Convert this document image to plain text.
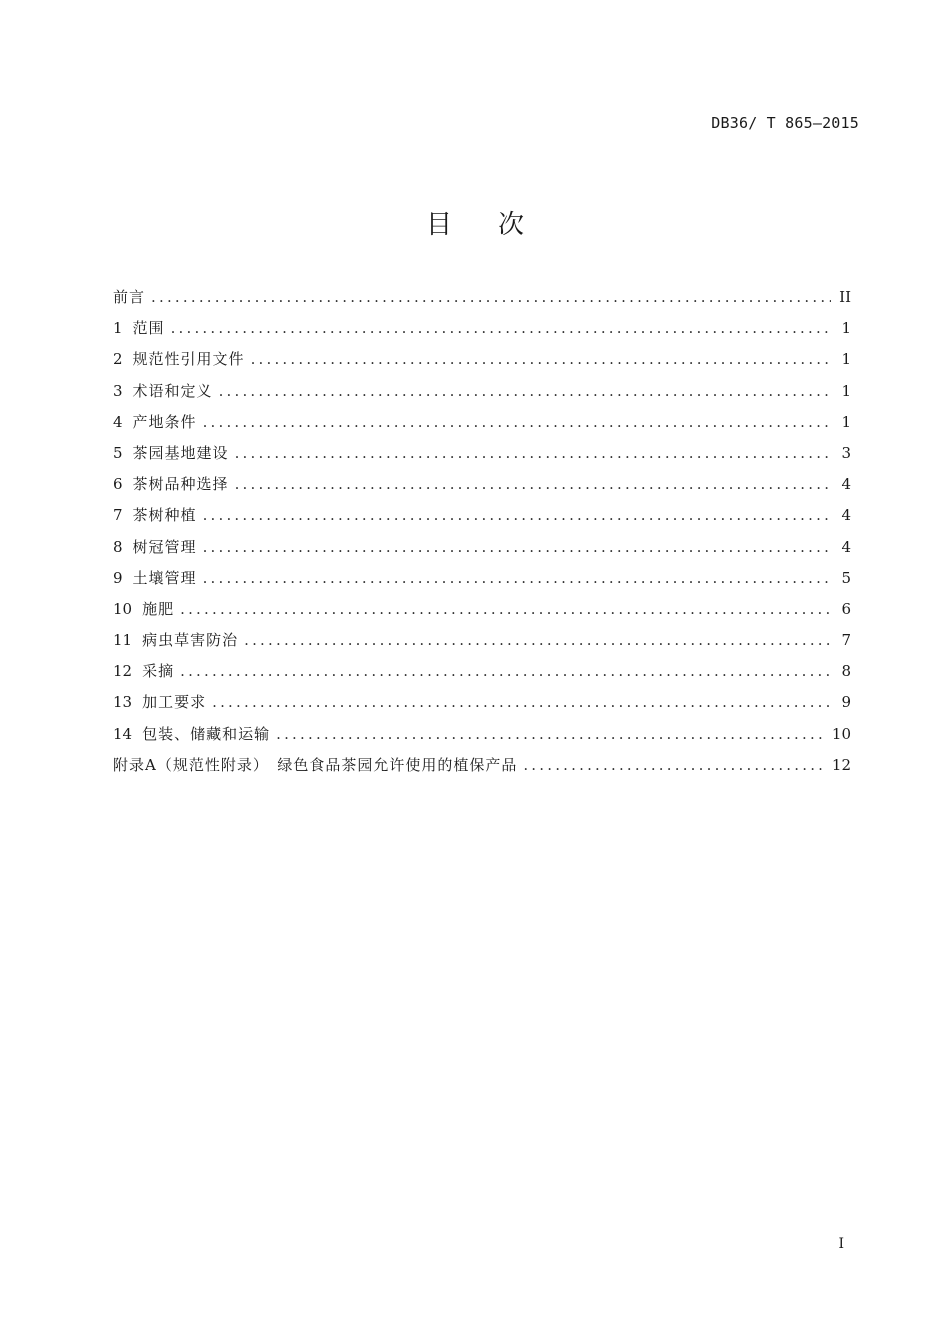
DB36/ T 865—2015
目次
前言 .....	II
1 范围 .....	1
2 规范性引用文件 .....	1
3 术语和定义 .....	1
4 产地条件 .....	1
5 茶园基地建设 .....	3
6 茶树品种选择 .....	4
7 茶树种植 .....	4
8 树冠管理 .....	4
9 土壤管理 .....	5
10 施肥 .....	6
11 病虫草害防治 .....	7
12 采摘 .....	8
13 加工要求 .....	9
14 包装、储藏和运输 .....	10
附录A（规范性附录）　绿色食品茶园允许使用的植保产品 .....	12
I
